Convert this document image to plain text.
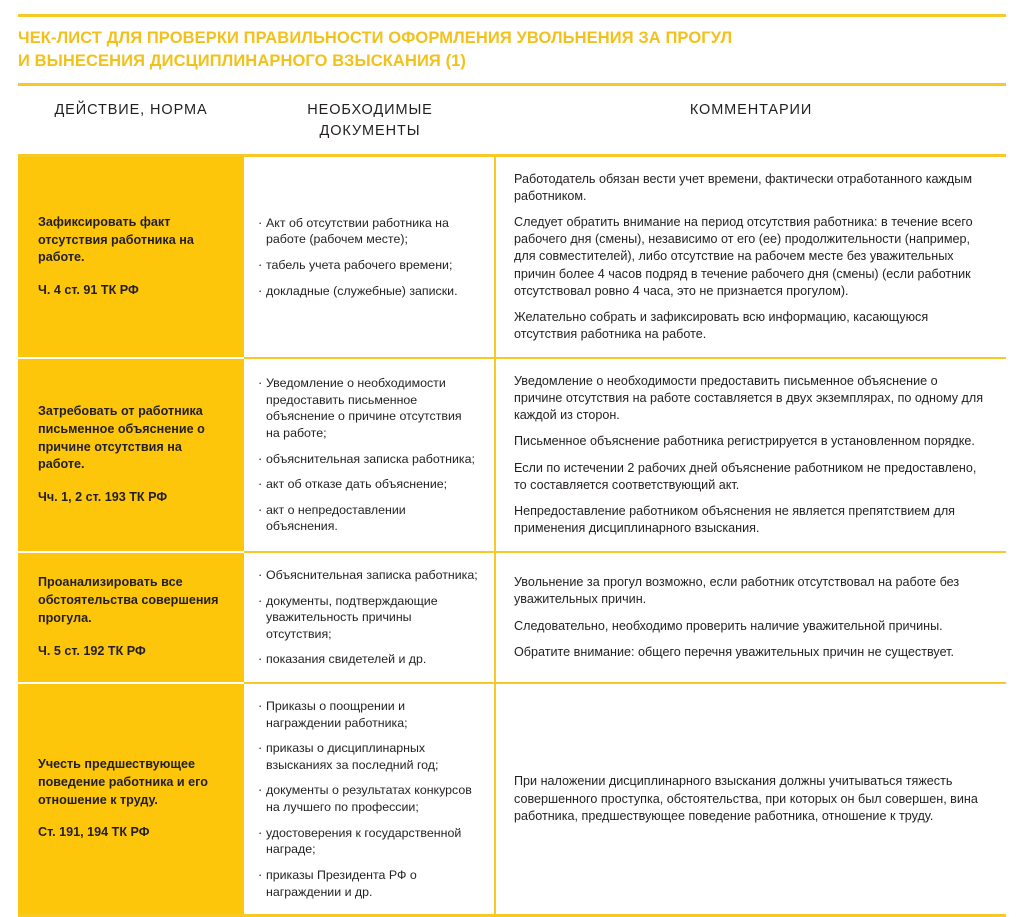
ЧЕК-ЛИСТ ДЛЯ ПРОВЕРКИ ПРАВИЛЬНОСТИ ОФОРМЛЕНИЯ УВОЛЬНЕНИЯ ЗА ПРОГУЛ
И ВЫНЕСЕНИЯ ДИСЦИПЛИНАРНОГО ВЗЫСКАНИЯ (1)
ДЕЙСТВИЕ, НОРМА	НЕОБХОДИМЫЕ
ДОКУМЕНТЫ
КОММЕНТАРИИ
Зафиксировать факт отсутствия работника на работе.
Ч. 4 ст. 91 ТК РФ
· Акт об отсутствии работника на работе (рабочем месте);
· табель учета рабочего времени;
· докладные (служебные) записки.

Работодатель обязан вести учет времени, фактически отработанного каждым работником.

Следует обратить внимание на период отсутствия работника: в течение всего рабочего дня (смены), независимо от его (ее) продолжительности (например, для совместителей), либо отсутствие на рабочем месте без уважительных причин более 4 часов подряд в течение рабочего дня (смены) (если работник отсутствовал ровно 4 часа, это не признается прогулом).

Желательно собрать и зафиксировать всю информацию, касающуюся отсутствия работника на работе.

Затребовать от работника письменное объяснение о причине отсутствия на работе.
Чч. 1, 2 ст. 193 ТК РФ
· Уведомление о необходимости предоставить письменное объяснение о причине отсутствия на работе;
· объяснительная записка работника;
· акт об отказе дать объяснение;
· акт о непредоставлении объяснения.

Уведомление о необходимости предоставить письменное объяснение о причине отсутствия на работе составляется в двух экземплярах, по одному для каждой из сторон.

Письменное объяснение работника регистрируется в установленном порядке.

Если по истечении 2 рабочих дней объяснение работником не предоставлено, то составляется соответствующий акт.

Непредоставление работником объяснения не является препятствием для применения дисциплинарного взыскания.

Проанализировать все обстоятельства совершения прогула.
Ч. 5 ст. 192 ТК РФ
· Объяснительная записка работника;
· документы, подтверждающие уважительность причины отсутствия;
· показания свидетелей и др.

Увольнение за прогул возможно, если работник отсутствовал на работе без уважительных причин.

Следовательно, необходимо проверить наличие уважительной причины.

Обратите внимание: общего перечня уважительных причин не существует.

Учесть предшествующее поведение работника и его отношение к труду.
Ст. 191, 194 ТК РФ
· Приказы о поощрении и награждении работника;
· приказы о дисциплинарных взысканиях за последний год;
· документы о результатах конкурсов на лучшего по профессии;
· удостоверения к государственной награде;
· приказы Президента РФ о награждении и др.

При наложении дисциплинарного взыскания должны учитываться тяжесть совершенного проступка, обстоятельства, при которых он был совершен, вина работника, предшествующее поведение работника, отношение к труду.
